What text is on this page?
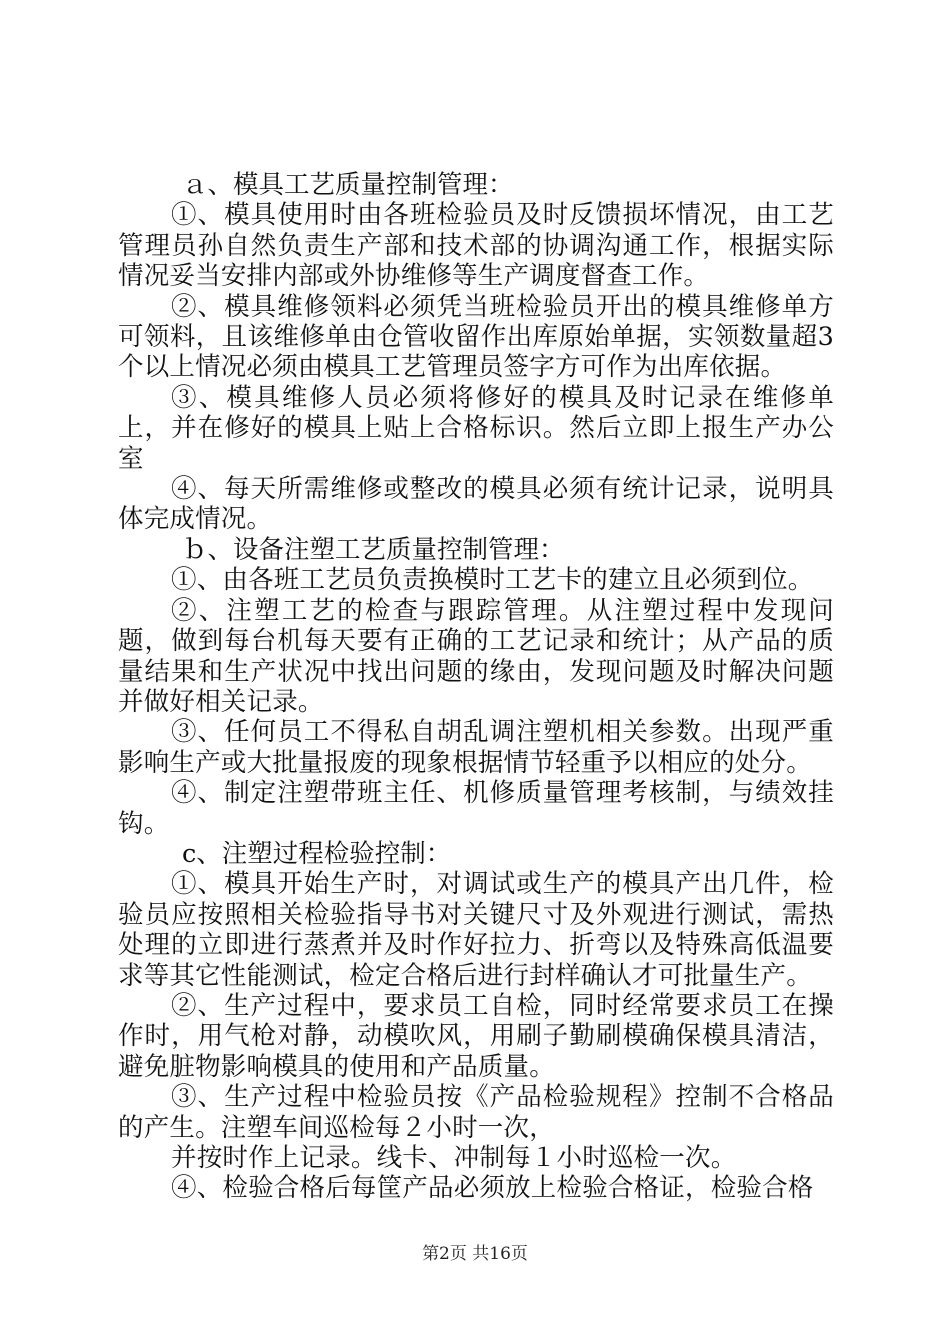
ａ、模具工艺质量控制管理：

①、模具使用时由各班检验员及时反馈损坏情况，由工艺管理员孙自然负责生产部和技术部的协调沟通工作，根据实际情况妥当安排内部或外协维修等生产调度督查工作。

②、模具维修领料必须凭当班检验员开出的模具维修单方可领料，且该维修单由仓管收留作出库原始单据，实领数量超3个以上情况必须由模具工艺管理员签字方可作为出库依据。

③、模具维修人员必须将修好的模具及时记录在维修单上，并在修好的模具上贴上合格标识。然后立即上报生产办公室

④、每天所需维修或整改的模具必须有统计记录，说明具体完成情况。

ｂ、设备注塑工艺质量控制管理：

①、由各班工艺员负责换模时工艺卡的建立且必须到位。

②、注塑工艺的检查与跟踪管理。从注塑过程中发现问题，做到每台机每天要有正确的工艺记录和统计；从产品的质量结果和生产状况中找出问题的缘由，发现问题及时解决问题并做好相关记录。

③、任何员工不得私自胡乱调注塑机相关参数。出现严重影响生产或大批量报废的现象根据情节轻重予以相应的处分。

④、制定注塑带班主任、机修质量管理考核制，与绩效挂钩。

c、注塑过程检验控制：

①、模具开始生产时，对调试或生产的模具产出几件，检验员应按照相关检验指导书对关键尺寸及外观进行测试，需热处理的立即进行蒸煮并及时作好拉力、折弯以及特殊高低温要求等其它性能测试，检定合格后进行封样确认才可批量生产。

②、生产过程中，要求员工自检，同时经常要求员工在操作时，用气枪对静，动模吹风，用刷子勤刷模确保模具清洁，避免脏物影响模具的使用和产品质量。

③、生产过程中检验员按《产品检验规程》控制不合格品的产生。注塑车间巡检每２小时一次，

并按时作上记录。线卡、冲制每１小时巡检一次。

④、检验合格后每筐产品必须放上检验合格证，检验合格

第2页 共16页
